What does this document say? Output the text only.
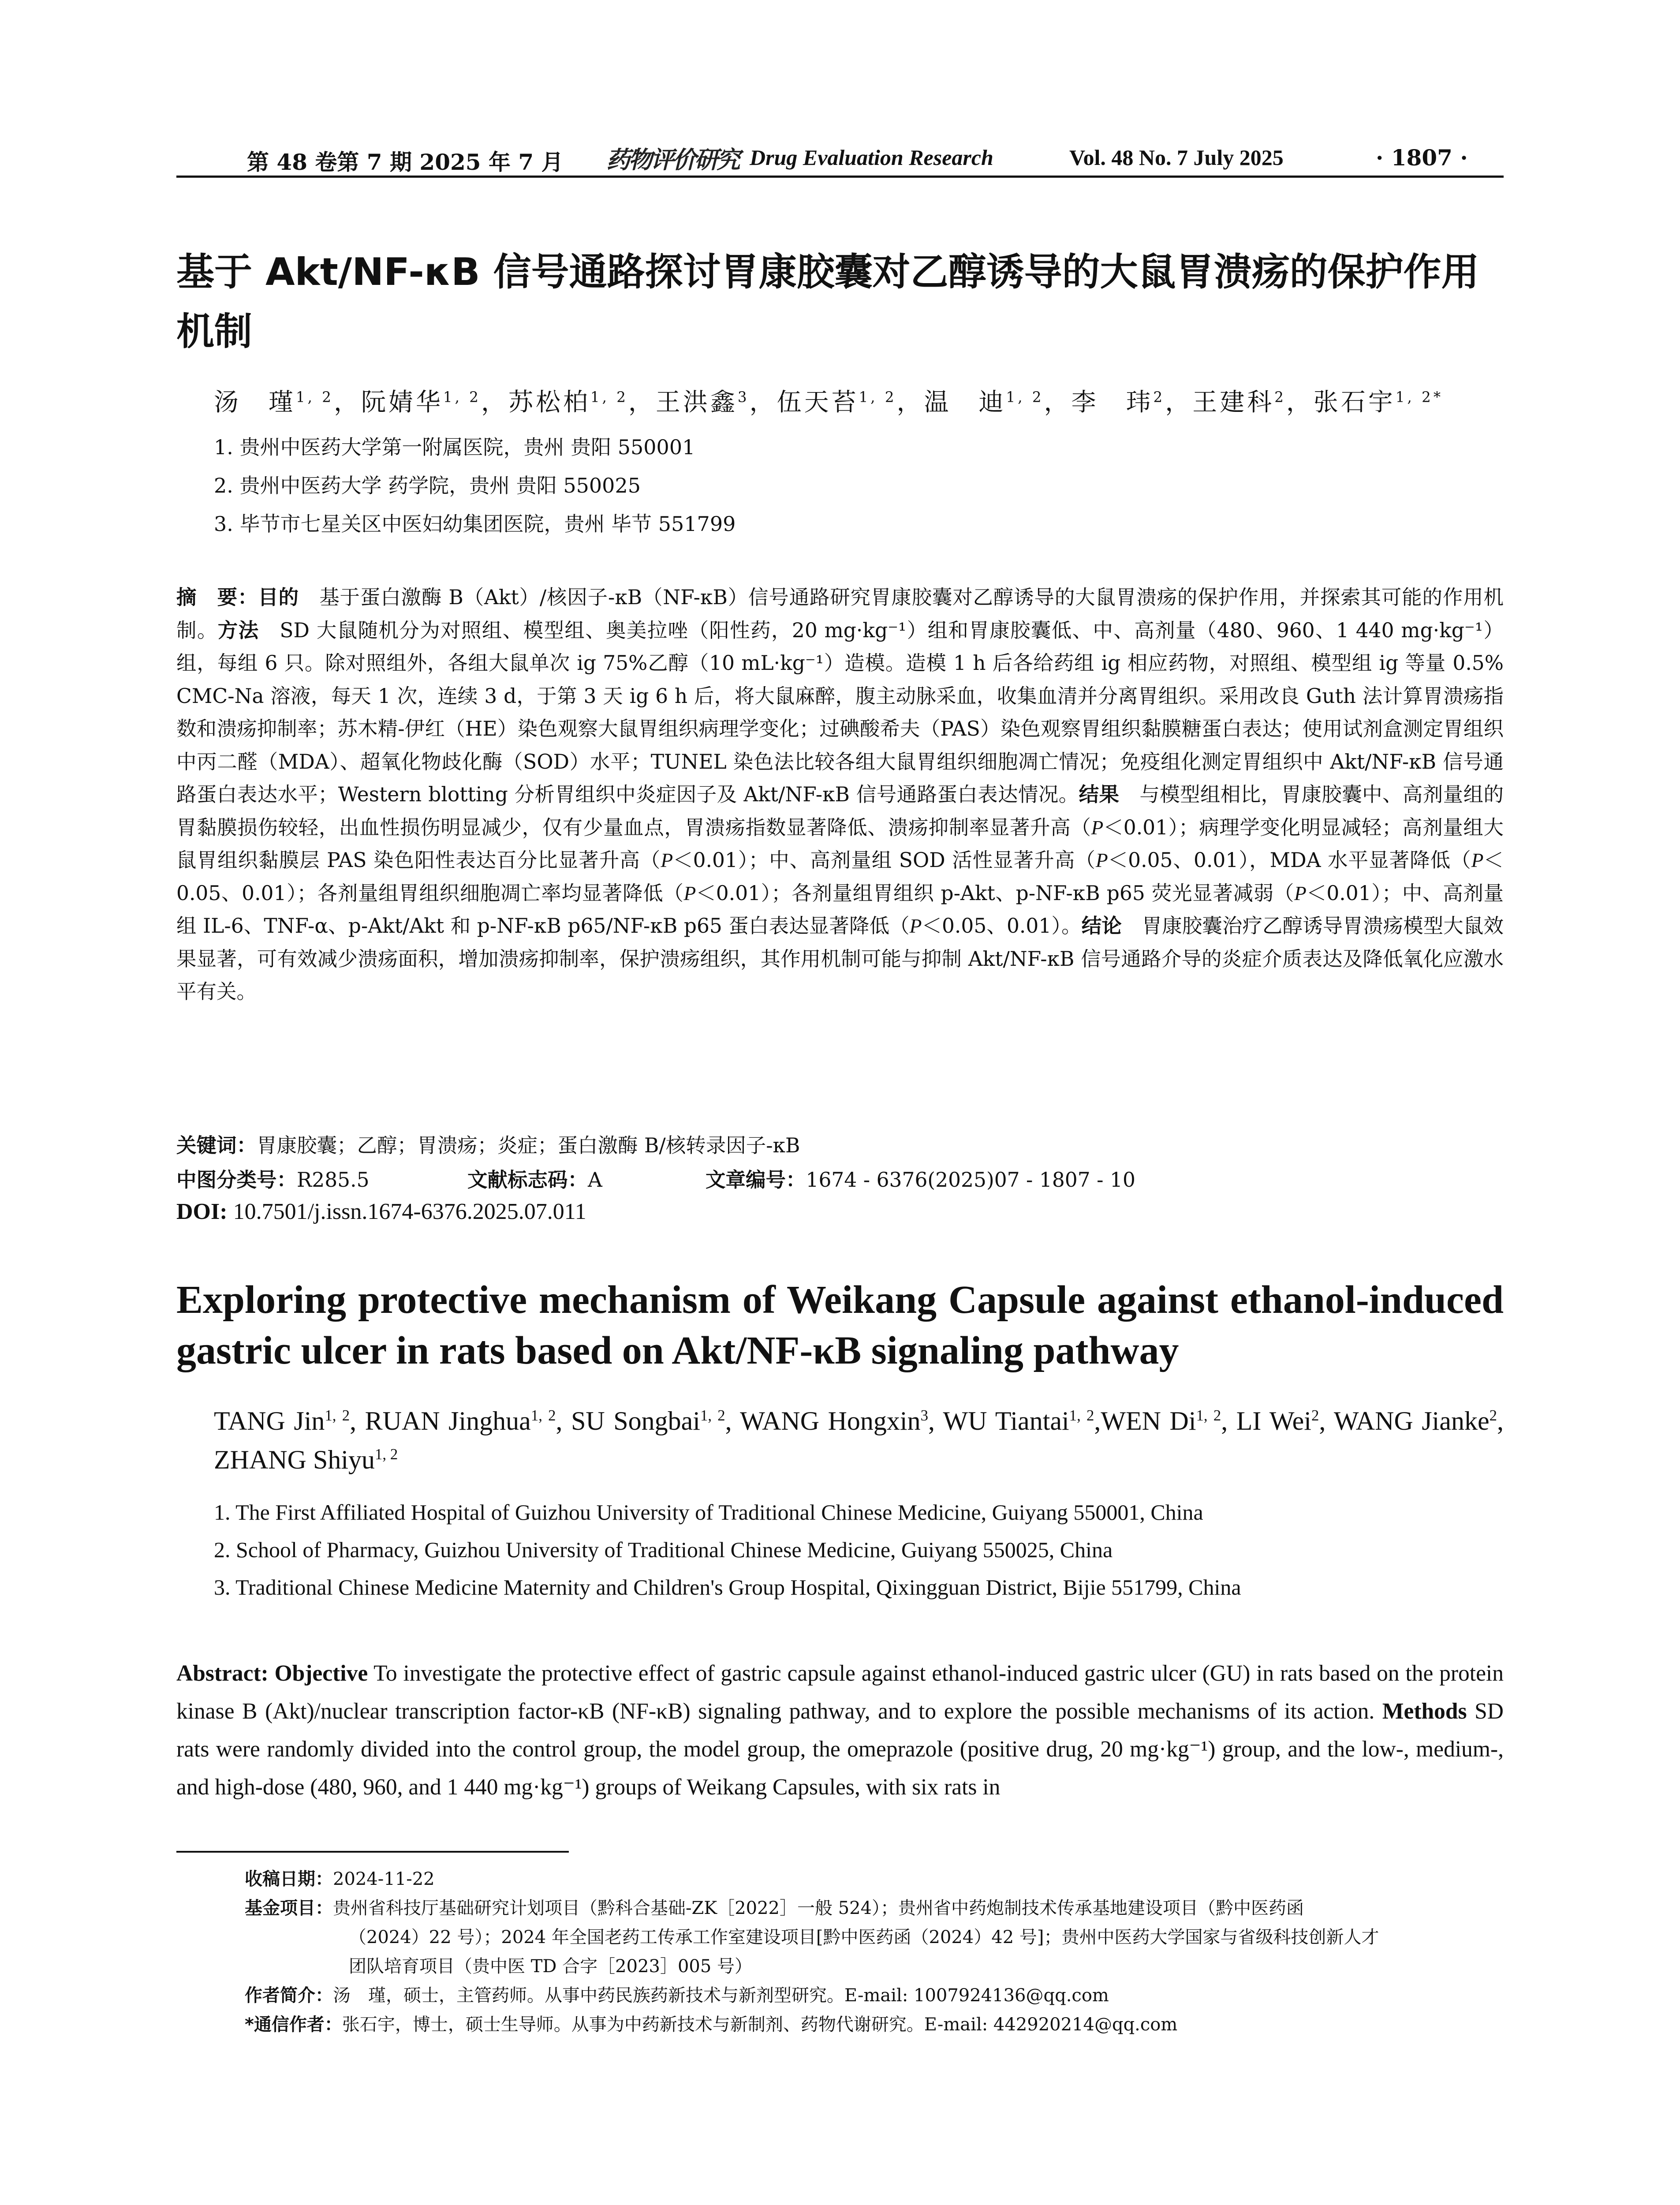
第 48 卷第 7 期 2025 年 7 月 药物评价研究 Drug Evaluation Research	Vol. 48 No. 7 July 2025	· 1807 ·
基于 Akt/NF-κB 信号通路探讨胃康胶囊对乙醇诱导的大鼠胃溃疡的保护作用
机制
汤　瑾$^{1, 2}$，阮婧华$^{1, 2}$，苏松柏$^{1, 2}$，王洪鑫$^3$，伍天苔$^{1, 2}$，温　迪$^{1, 2}$，李　玮$^2$，王建科$^2$，张石宇$^{1, 2*}$
1. 贵州中医药大学第一附属医院，贵州 贵阳 550001
2. 贵州中医药大学 药学院，贵州 贵阳 550025
3. 毕节市七星关区中医妇幼集团医院，贵州 毕节 551799
摘　要：目的　基于蛋白激酶 B（Akt）/核因子-κB（NF-κB）信号通路研究胃康胶囊对乙醇诱导的大鼠胃溃疡的保护作用，并探索其可能的作用机制。方法　SD 大鼠随机分为对照组、模型组、奥美拉唑（阳性药，20 mg·kg⁻¹）组和胃康胶囊低、中、高剂量（480、960、1 440 mg·kg⁻¹）组，每组 6 只。除对照组外，各组大鼠单次 ig 75%乙醇（10 mL·kg⁻¹）造模。造模 1 h 后各给药组 ig 相应药物，对照组、模型组 ig 等量 0.5% CMC-Na 溶液，每天 1 次，连续 3 d，于第 3 天 ig 6 h 后，将大鼠麻醉，腹主动脉采血，收集血清并分离胃组织。采用改良 Guth 法计算胃溃疡指数和溃疡抑制率；苏木精-伊红（HE）染色观察大鼠胃组织病理学变化；过碘酸希夫（PAS）染色观察胃组织黏膜糖蛋白表达；使用试剂盒测定胃组织中丙二醛（MDA）、超氧化物歧化酶（SOD）水平；TUNEL 染色法比较各组大鼠胃组织细胞凋亡情况；免疫组化测定胃组织中 Akt/NF-κB 信号通路蛋白表达水平；Western blotting 分析胃组织中炎症因子及 Akt/NF-κB 信号通路蛋白表达情况。结果　与模型组相比，胃康胶囊中、高剂量组的胃黏膜损伤较轻，出血性损伤明显减少，仅有少量血点，胃溃疡指数显著降低、溃疡抑制率显著升高（P＜0.01）；病理学变化明显减轻；高剂量组大鼠胃组织黏膜层 PAS 染色阳性表达百分比显著升高（P＜0.01）；中、高剂量组 SOD 活性显著升高（P＜0.05、0.01），MDA 水平显著降低（P＜0.05、0.01）；各剂量组胃组织细胞凋亡率均显著降低（P＜0.01）；各剂量组胃组织 p-Akt、p-NF-κB p65 荧光显著减弱（P＜0.01）；中、高剂量组 IL-6、TNF-α、p-Akt/Akt 和 p-NF-κB p65/NF-κB p65 蛋白表达显著降低（P＜0.05、0.01）。结论　胃康胶囊治疗乙醇诱导胃溃疡模型大鼠效果显著，可有效减少溃疡面积，增加溃疡抑制率，保护溃疡组织，其作用机制可能与抑制 Akt/NF-κB 信号通路介导的炎症介质表达及降低氧化应激水平有关。
关键词：胃康胶囊；乙醇；胃溃疡；炎症；蛋白激酶 B/核转录因子-κB
中图分类号：R285.5	文献标志码：A	文章编号：1674 - 6376(2025)07 - 1807 - 10
DOI: 10.7501/j.issn.1674-6376.2025.07.011
Exploring protective mechanism of Weikang Capsule against ethanol-induced gastric ulcer in rats based on Akt/NF-κB signaling pathway
TANG Jin$^{1, 2}$, RUAN Jinghua$^{1, 2}$, SU Songbai$^{1, 2}$, WANG Hongxin$^3$, WU Tiantai$^{1, 2}$,WEN Di$^{1, 2}$, LI Wei$^2$, WANG Jianke$^2$, ZHANG Shiyu$^{1, 2}$
1. The First Affiliated Hospital of Guizhou University of Traditional Chinese Medicine, Guiyang 550001, China
2. School of Pharmacy, Guizhou University of Traditional Chinese Medicine, Guiyang 550025, China
3. Traditional Chinese Medicine Maternity and Children's Group Hospital, Qixingguan District, Bijie 551799, China
Abstract: Objective To investigate the protective effect of gastric capsule against ethanol-induced gastric ulcer (GU) in rats based on the protein kinase B (Akt)/nuclear transcription factor-κB (NF-κB) signaling pathway, and to explore the possible mechanisms of its action. Methods SD rats were randomly divided into the control group, the model group, the omeprazole (positive drug, 20 mg·kg⁻¹) group, and the low-, medium-, and high-dose (480, 960, and 1 440 mg·kg⁻¹) groups of Weikang Capsules, with six rats in
收稿日期：2024-11-22
基金项目：贵州省科技厅基础研究计划项目（黔科合基础-ZK［2022］一般 524）；贵州省中药炮制技术传承基地建设项目（黔中医药函
（2024）22 号）；2024 年全国老药工传承工作室建设项目[黔中医药函（2024）42 号]；贵州中医药大学国家与省级科技创新人才
团队培育项目（贵中医 TD 合字［2023］005 号）
作者简介：汤　瑾，硕士，主管药师。从事中药民族药新技术与新剂型研究。E-mail: 1007924136@qq.com
*通信作者：张石宇，博士，硕士生导师。从事为中药新技术与新制剂、药物代谢研究。E-mail: 442920214@qq.com
